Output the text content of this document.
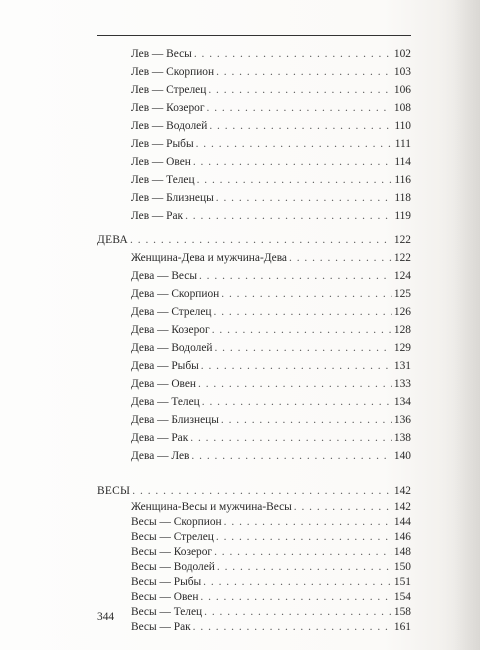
Лев — Весы . . .	102
Лев — Скорпион . . .	103
Лев — Стрелец . . .	106
Лев — Козерог . . .	108
Лев — Водолей . . .	110
Лев — Рыбы . . .	111
Лев — Овен . . .	114
Лев — Телец . . .	116
Лев — Близнецы . . .	118
Лев — Рак . . .	119
ДЕВА . . .	122
Женщина-Дева и мужчина-Дева . . .	122
Дева — Весы . . .	124
Дева — Скорпион . . .	125
Дева — Стрелец . . .	126
Дева — Козерог . . .	128
Дева — Водолей . . .	129
Дева — Рыбы . . .	131
Дева — Овен . . .	133
Дева — Телец . . .	134
Дева — Близнецы . . .	136
Дева — Рак . . .	138
Дева — Лев . . .	140
ВЕСЫ . . .	142
Женщина-Весы и мужчина-Весы . . .	142
Весы — Скорпион . . .	144
Весы — Стрелец . . .	146
Весы — Козерог . . .	148
Весы — Водолей . . .	150
Весы — Рыбы . . .	151
Весы — Овен . . .	154
Весы — Телец . . .	158
Весы — Рак . . .	161
344
